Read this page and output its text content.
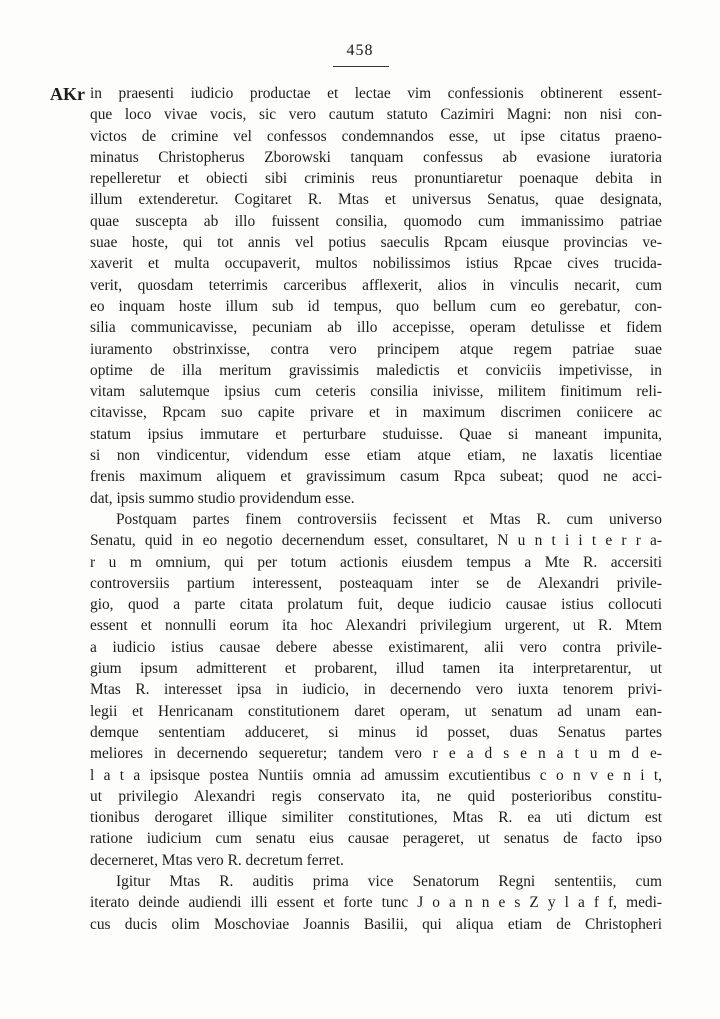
458
AKr in praesenti iudicio productae et lectae vim confessionis obtinerent essent-
que loco vivae vocis, sic vero cautum statuto Cazimiri Magni: non nisi con-
victos de crimine vel confessos condemnandos esse, ut ipse citatus praeno-
minatus Christopherus Zborowski tanquam confessus ab evasione iuratoria
repelleretur et obiecti sibi criminis reus pronuntiaretur poenaque debita in
illum extenderetur. Cogitaret R. Mtas et universus Senatus, quae designata,
quae suscepta ab illo fuissent consilia, quomodo cum immanissimo patriae
suae hoste, qui tot annis vel potius saeculis Rpcam eiusque provincias ve-
xaverit et multa occupaverit, multos nobilissimos istius Rpcae cives trucida-
verit, quosdam teterrimis carceribus afflexerit, alios in vinculis necarit, cum
eo inquam hoste illum sub id tempus, quo bellum cum eo gerebatur, con-
silia communicavisse, pecuniam ab illo accepisse, operam detulisse et fidem
iuramento obstrinxisse, contra vero principem atque regem patriae suae
optime de illa meritum gravissimis maledictis et conviciis impetivisse, in
vitam salutemque ipsius cum ceteris consilia inivisse, militem finitimum reli-
citavisse, Rpcam suo capite privare et in maximum discrimen coniicere ac
statum ipsius immutare et perturbare studuisse. Quae si maneant impunita,
si non vindicentur, videndum esse etiam atque etiam, ne laxatis licentiae
frenis maximum aliquem et gravissimum casum Rpca subeat; quod ne acci-
dat, ipsis summo studio providendum esse.
Postquam partes finem controversiis fecissent et Mtas R. cum universo
Senatu, quid in eo negotio decernendum esset, consultaret, N u n t i i t e r r a-
r u m omnium, qui per totum actionis eiusdem tempus a Mte R. accersiti
controversiis partium interessent, posteaquam inter se de Alexandri privile-
gio, quod a parte citata prolatum fuit, deque iudicio causae istius collocuti
essent et nonnulli eorum ita hoc Alexandri privilegium urgerent, ut R. Mtem
a iudicio istius causae debere abesse existimarent, alii vero contra privile-
gium ipsum admitterent et probarent, illud tamen ita interpretarentur, ut
Mtas R. interesset ipsa in iudicio, in decernendo vero iuxta tenorem privi-
legii et Henricanam constitutionem daret operam, ut senatum ad unam ean-
demque sententiam adduceret, si minus id posset, duas Senatus partes
meliores in decernendo sequeretur; tandem vero r e a d s e n a t u m d e-
l a t a ipsisque postea Nuntiis omnia ad amussim excutientibus c o n v e n i t,
ut privilegio Alexandri regis conservato ita, ne quid posterioribus constitu-
tionibus derogaret illique similiter constitutiones, Mtas R. ea uti dictum est
ratione iudicium cum senatu eius causae perageret, ut senatus de facto ipso
decerneret, Mtas vero R. decretum ferret.
Igitur Mtas R. auditis prima vice Senatorum Regni sententiis, cum
iterato deinde audiendi illi essent et forte tunc J o a n n e s Z y l a f f, medi-
cus ducis olim Moschoviae Joannis Basilii, qui aliqua etiam de Christopheri
